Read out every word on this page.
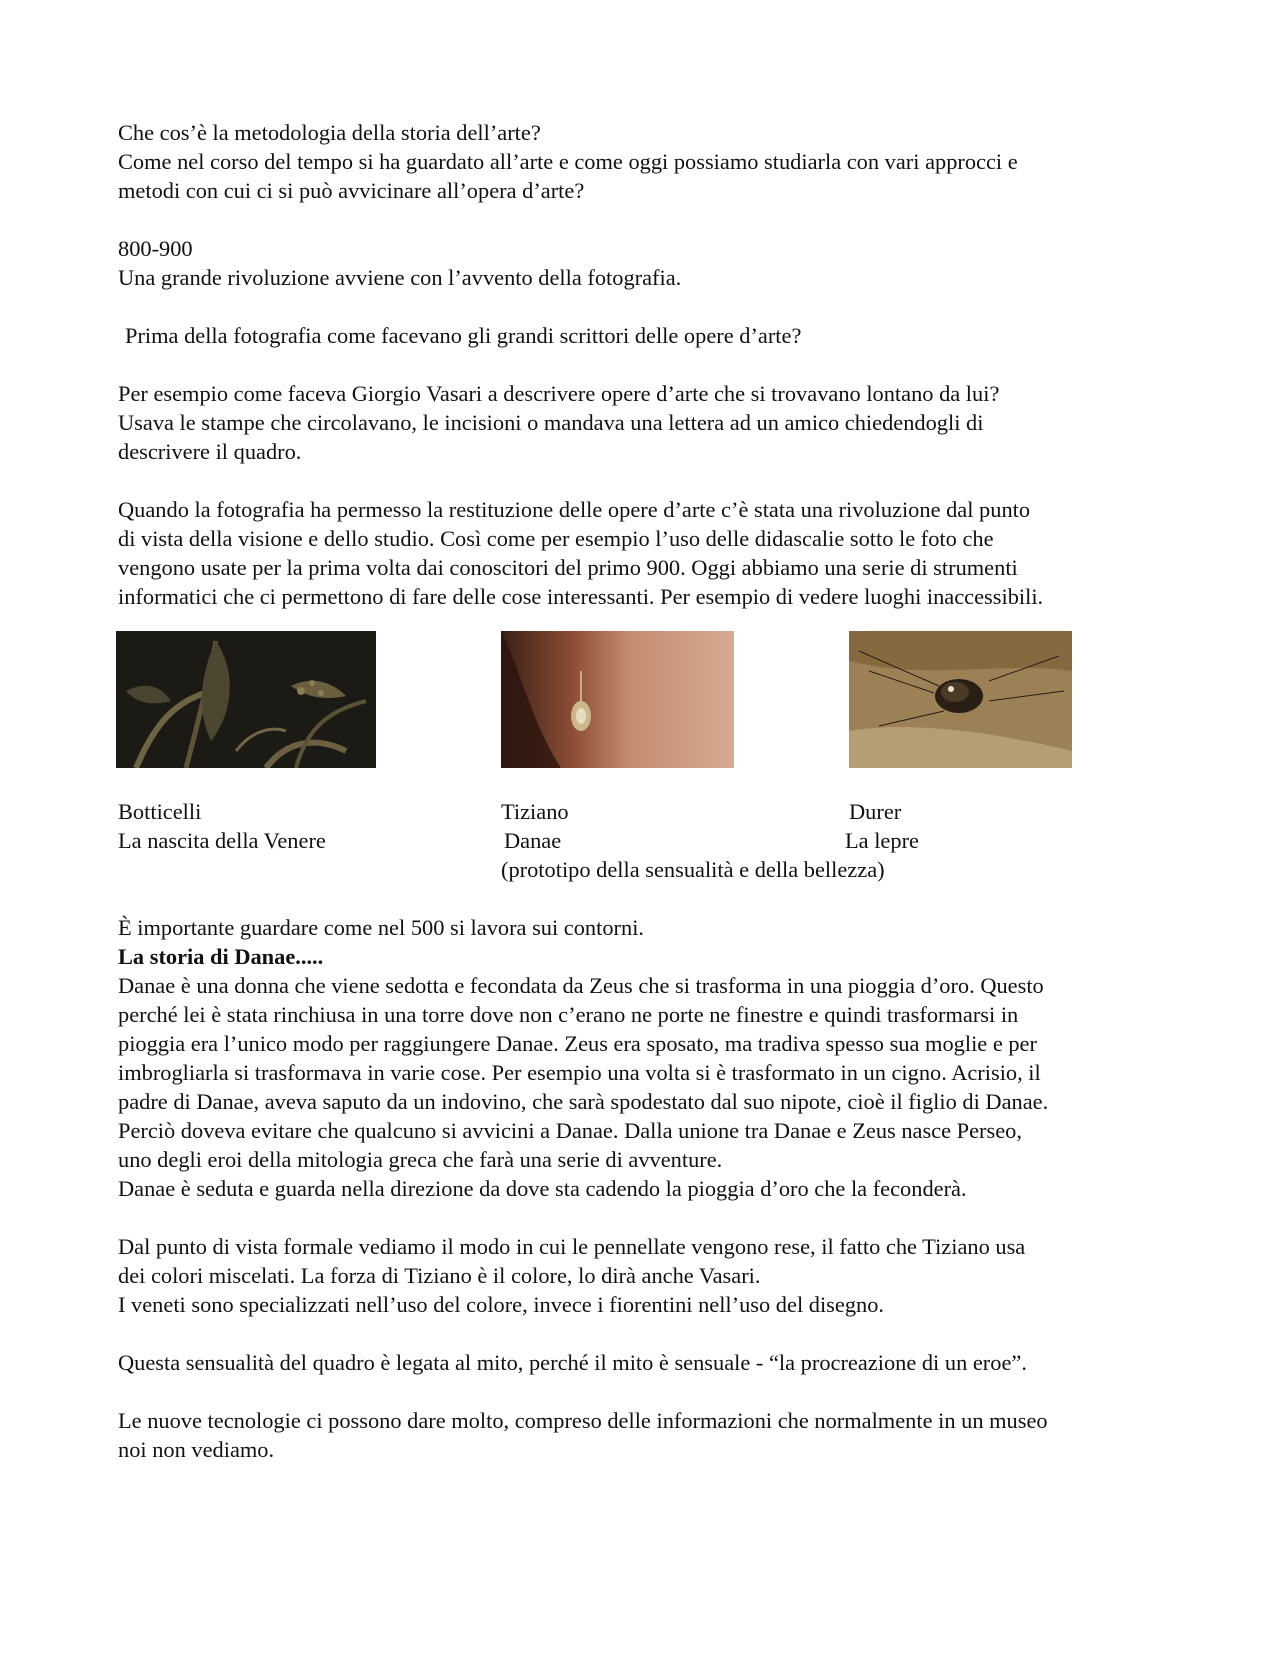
Che cos’è la metodologia della storia dell’arte?

Come nel corso del tempo si ha guardato all’arte e come oggi possiamo studiarla con vari approcci e

metodi con cui ci si può avvicinare all’opera d’arte?

800-900

Una grande rivoluzione avviene con l’avvento della fotografia.

Prima della fotografia come facevano gli grandi scrittori delle opere d’arte?

Per esempio come faceva Giorgio Vasari a descrivere opere d’arte che si trovavano lontano da lui?

Usava le stampe che circolavano, le incisioni o mandava una lettera ad un amico chiedendogli di

descrivere il quadro.

Quando la fotografia ha permesso la restituzione delle opere d’arte c’è stata una rivoluzione dal punto

di vista della visione e dello studio. Così come per esempio l’uso delle didascalie sotto le foto che

vengono usate per la prima volta dai conoscitori del primo 900. Oggi abbiamo una serie di strumenti

informatici che ci permettono di fare delle cose interessanti. Per esempio di vedere luoghi inaccessibili.

Botticelli

La nascita della Venere

Tiziano

Danae

(prototipo della sensualità e della bellezza)

Durer

La lepre

È importante guardare come nel 500 si lavora sui contorni.

La storia di Danae.....

Danae è una donna che viene sedotta e fecondata da Zeus che si trasforma in una pioggia d’oro. Questo

perché lei è stata rinchiusa in una torre dove non c’erano ne porte ne finestre e quindi trasformarsi in

pioggia era l’unico modo per raggiungere Danae. Zeus era sposato, ma tradiva spesso sua moglie e per

imbrogliarla si trasformava in varie cose. Per esempio una volta si è trasformato in un cigno. Acrisio, il

padre di Danae, aveva saputo da un indovino, che sarà spodestato dal suo nipote, cioè il figlio di Danae.

Perciò doveva evitare che qualcuno si avvicini a Danae. Dalla unione tra Danae e Zeus nasce Perseo,

uno degli eroi della mitologia greca che farà una serie di avventure.

Danae è seduta e guarda nella direzione da dove sta cadendo la pioggia d’oro che la feconderà.

Dal punto di vista formale vediamo il modo in cui le pennellate vengono rese, il fatto che Tiziano usa

dei colori miscelati. La forza di Tiziano è il colore, lo dirà anche Vasari.

I veneti sono specializzati nell’uso del colore, invece i fiorentini nell’uso del disegno.

Questa sensualità del quadro è legata al mito, perché il mito è sensuale - “la procreazione di un eroe”.

Le nuove tecnologie ci possono dare molto, compreso delle informazioni che normalmente in un museo

noi non vediamo.
